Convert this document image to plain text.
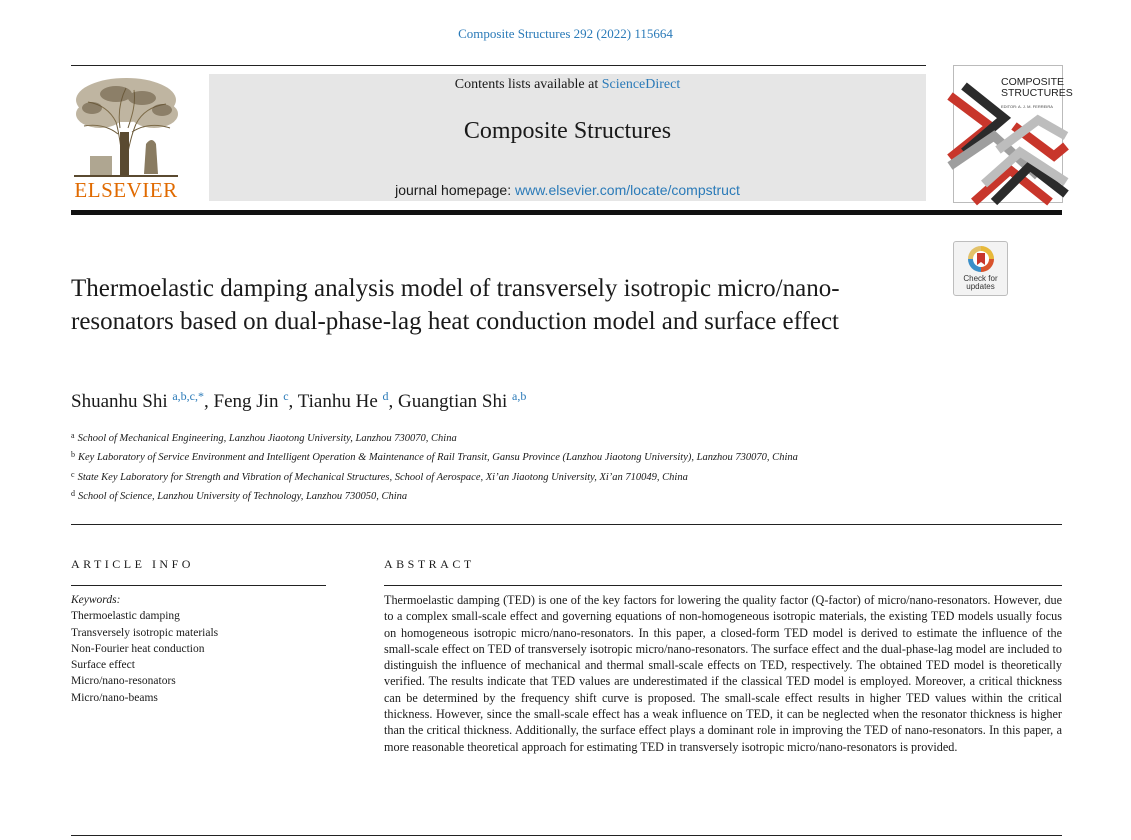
Composite Structures 292 (2022) 115664
ELSEVIER
Contents lists available at ScienceDirect
Composite Structures
journal homepage: www.elsevier.com/locate/compstruct
COMPOSITE
STRUCTURES
EDITOR: A. J. M. FERREIRA
Check for
updates
Thermoelastic damping analysis model of transversely isotropic micro/nano-resonators based on dual-phase-lag heat conduction model and surface effect
Shuanhu Shi $^{a,b,c,*}$, Feng Jin $^c$, Tianhu He $^d$, Guangtian Shi $^{a,b}$
$^a$ School of Mechanical Engineering, Lanzhou Jiaotong University, Lanzhou 730070, China
$^b$ Key Laboratory of Service Environment and Intelligent Operation & Maintenance of Rail Transit, Gansu Province (Lanzhou Jiaotong University), Lanzhou 730070, China
$^c$ State Key Laboratory for Strength and Vibration of Mechanical Structures, School of Aerospace, Xi’an Jiaotong University, Xi’an 710049, China
$^d$ School of Science, Lanzhou University of Technology, Lanzhou 730050, China
ARTICLE INFO
Keywords:
Thermoelastic damping
Transversely isotropic materials
Non-Fourier heat conduction
Surface effect
Micro/nano-resonators
Micro/nano-beams
ABSTRACT
Thermoelastic damping (TED) is one of the key factors for lowering the quality factor (Q-factor) of micro/nano-resonators. However, due to a complex small-scale effect and governing equations of non-homogeneous isotropic materials, the existing TED models usually focus on homogeneous isotropic micro/nano-resonators. In this paper, a closed-form TED model is derived to estimate the influence of the small-scale effect on TED of transversely isotropic micro/nano-resonators. The surface effect and the dual-phase-lag model are included to distinguish the influence of mechanical and thermal small-scale effects on TED, respectively. The obtained TED model is theoretically verified. The results indicate that TED values are underestimated if the classical TED model is employed. Moreover, a critical thickness can be determined by the frequency shift curve is proposed. The small-scale effect results in higher TED values within the critical thickness. However, since the small-scale effect has a weak influence on TED, it can be neglected when the resonator thickness is higher than the critical thickness. Additionally, the surface effect plays a dominant role in improving the TED of nano-resonators. In this paper, a more reasonable theoretical approach for estimating TED in transversely isotropic micro/nano-resonators is provided.
